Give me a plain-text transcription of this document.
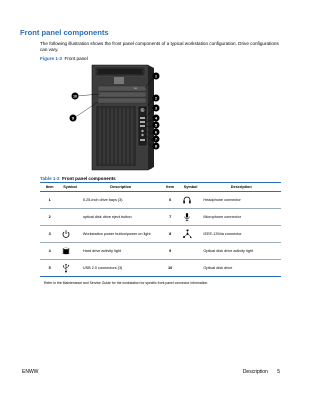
Front panel components
The following illustration shows the front panel components of a typical workstation configuration. Drive configurations can vary.
Figure 1-3 Front panel
1
2
3
4
5
6
7
8
9
10
Table 1-2 Front panel components
Item	Symbol	Description	Item	Symbol	Description
1		5.25-inch drive bays (3)	6		Headphone connector
2		optical disk drive eject button	7		Microphone connector
3		Workstation power button/power on light	8		IEEE-1394a connector
4		Hard drive activity light	9		Optical disk drive activity light
5		USB 2.0 connectors (3)	10		Optical disk drive
Refer to the Maintenance and Service Guide for the workstation for specific front panel connector information.
ENWW	Description 5
